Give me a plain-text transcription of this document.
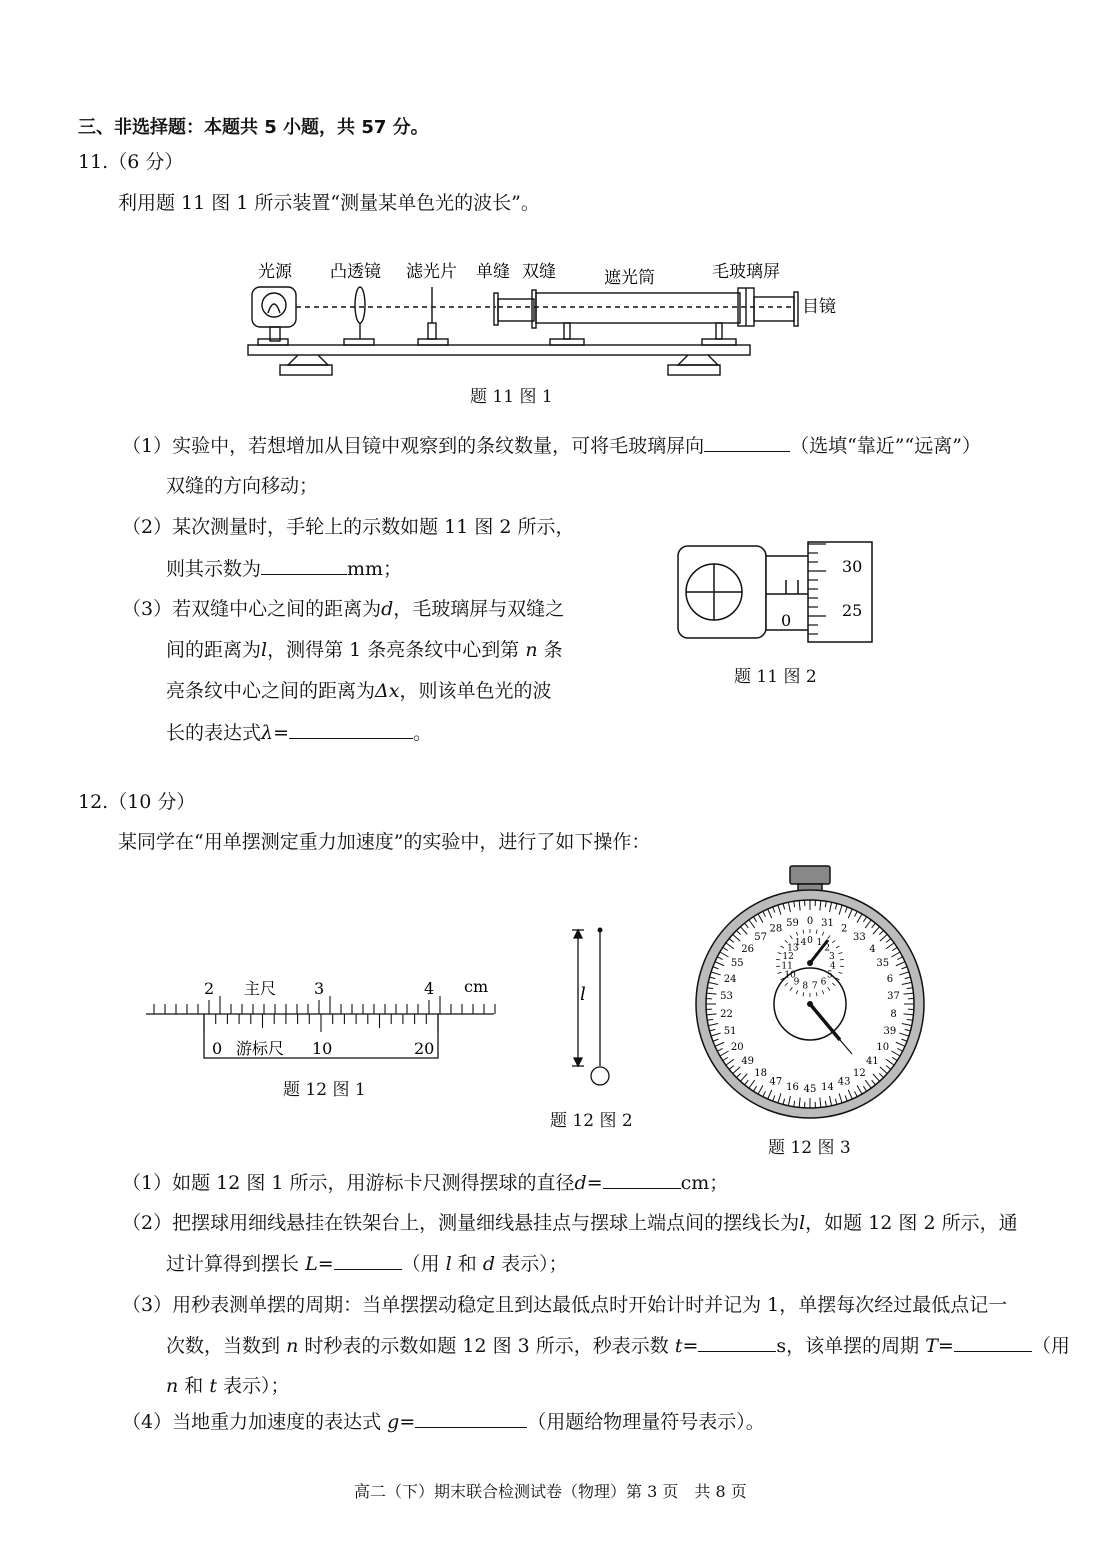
三、非选择题：本题共 5 小题，共 57 分。
11.（6 分）
利用题 11 图 1 所示装置“测量某单色光的波长”。
光源 凸透镜 滤光片 单缝 双缝	遮光筒	毛玻璃屏
目镜
题 11 图 1
（1）实验中，若想增加从目镜中观察到的条纹数量，可将毛玻璃屏向	（选填“靠近”“远离”）
双缝的方向移动；
（2）某次测量时，手轮上的示数如题 11 图 2 所示，
则其示数为	mm；
（3）若双缝中心之间的距离为d，毛玻璃屏与双缝之
间的距离为l，测得第 1 条亮条纹中心到第 n 条
亮条纹中心之间的距离为Δx，则该单色光的波
长的表达式λ=	。
30
25
0
题 11 图 2
12.（10 分）
某同学在“用单摆测定重力加速度”的实验中，进行了如下操作：
2 主尺 3	4 cm
0 游标尺 10	20
题 12 图 1
l
题 12 图 2
0 31 2
33
4
35
6
37
8
39
10
41
12
43
14
45
16
47
18
49
20
51
22
53
24
55
26
57
28 59
0 1
2
3
4
5
6
7
8
9
10
11
12
13
14
题 12 图 3
（1）如题 12 图 1 所示，用游标卡尺测得摆球的直径d=	cm；
（2）把摆球用细线悬挂在铁架台上，测量细线悬挂点与摆球上端点间的摆线长为l，如题 12 图 2 所示，通
过计算得到摆长 L=	（用 l 和 d 表示）；
（3）用秒表测单摆的周期：当单摆摆动稳定且到达最低点时开始计时并记为 1，单摆每次经过最低点记一
次数，当数到 n 时秒表的示数如题 12 图 3 所示，秒表示数 t=	s，该单摆的周期 T=	（用
n 和 t 表示）；
（4）当地重力加速度的表达式 g=	（用题给物理量符号表示）。
高二（下）期末联合检测试卷（物理）第 3 页　共 8 页
